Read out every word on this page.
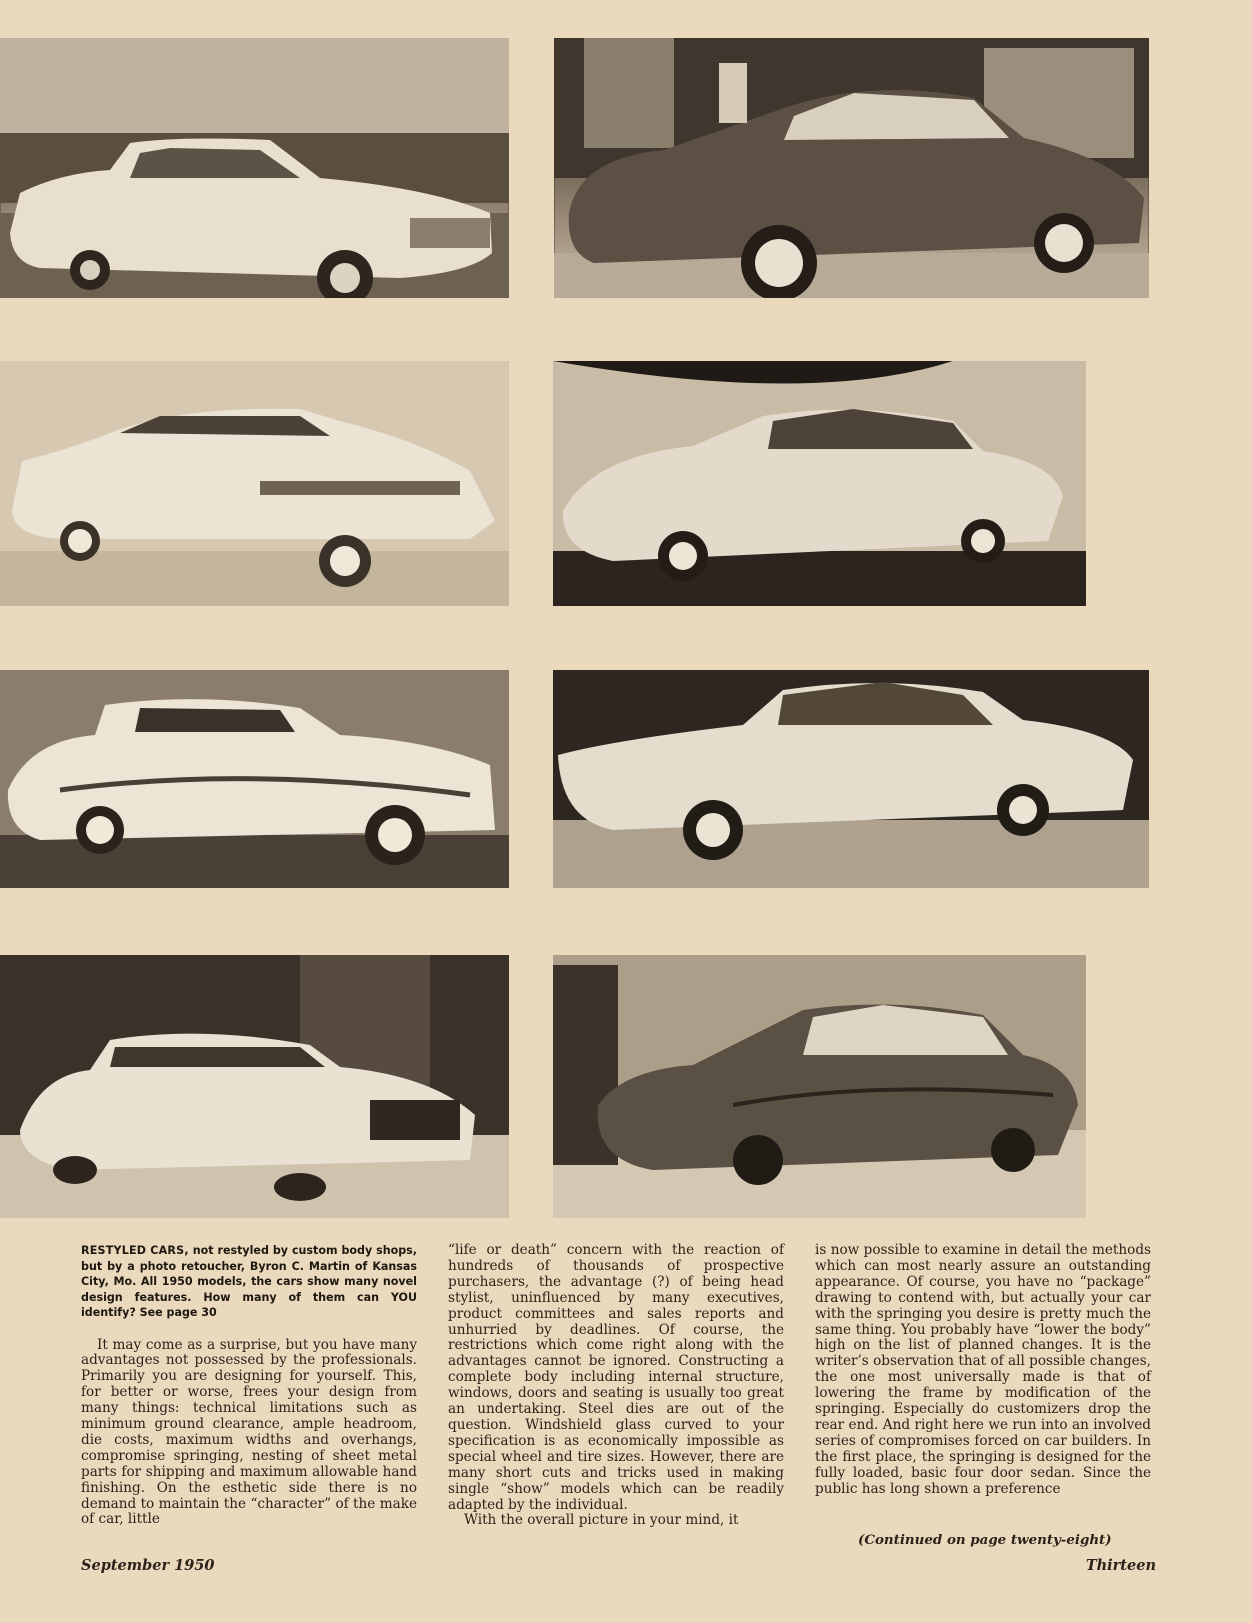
RESTYLED CARS, not restyled by custom body shops, but by a photo retoucher, Byron C. Martin of Kansas City, Mo. All 1950 models, the cars show many novel design features. How many of them can YOU identify? See page 30

It may come as a surprise, but you have many advantages not possessed by the professionals. Primarily you are designing for yourself. This, for better or worse, frees your design from many things: technical limitations such as minimum ground clearance, ample headroom, die costs, maximum widths and overhangs, compromise springing, nesting of sheet metal parts for shipping and maximum allowable hand finishing. On the esthetic side there is no demand to maintain the “character” of the make of car, little

“life or death” concern with the reaction of hundreds of thousands of prospective purchasers, the advantage (?) of being head stylist, uninfluenced by many executives, product committees and sales reports and unhurried by deadlines. Of course, the restrictions which come right along with the advantages cannot be ignored. Constructing a complete body including internal structure, windows, doors and seating is usually too great an undertaking. Steel dies are out of the question. Windshield glass curved to your specification is as economically impossible as special wheel and tire sizes. However, there are many short cuts and tricks used in making single “show” models which can be readily adapted by the individual.

With the overall picture in your mind, it

is now possible to examine in detail the methods which can most nearly assure an outstanding appearance. Of course, you have no “package” drawing to contend with, but actually your car with the springing you desire is pretty much the same thing. You probably have “lower the body” high on the list of planned changes. It is the writer’s observation that of all possible changes, the one most universally made is that of lowering the frame by modification of the springing. Especially do customizers drop the rear end. And right here we run into an involved series of compromises forced on car builders. In the first place, the springing is designed for the fully loaded, basic four door sedan. Since the public has long shown a preference

(Continued on page twenty-eight)
September 1950	Thirteen
